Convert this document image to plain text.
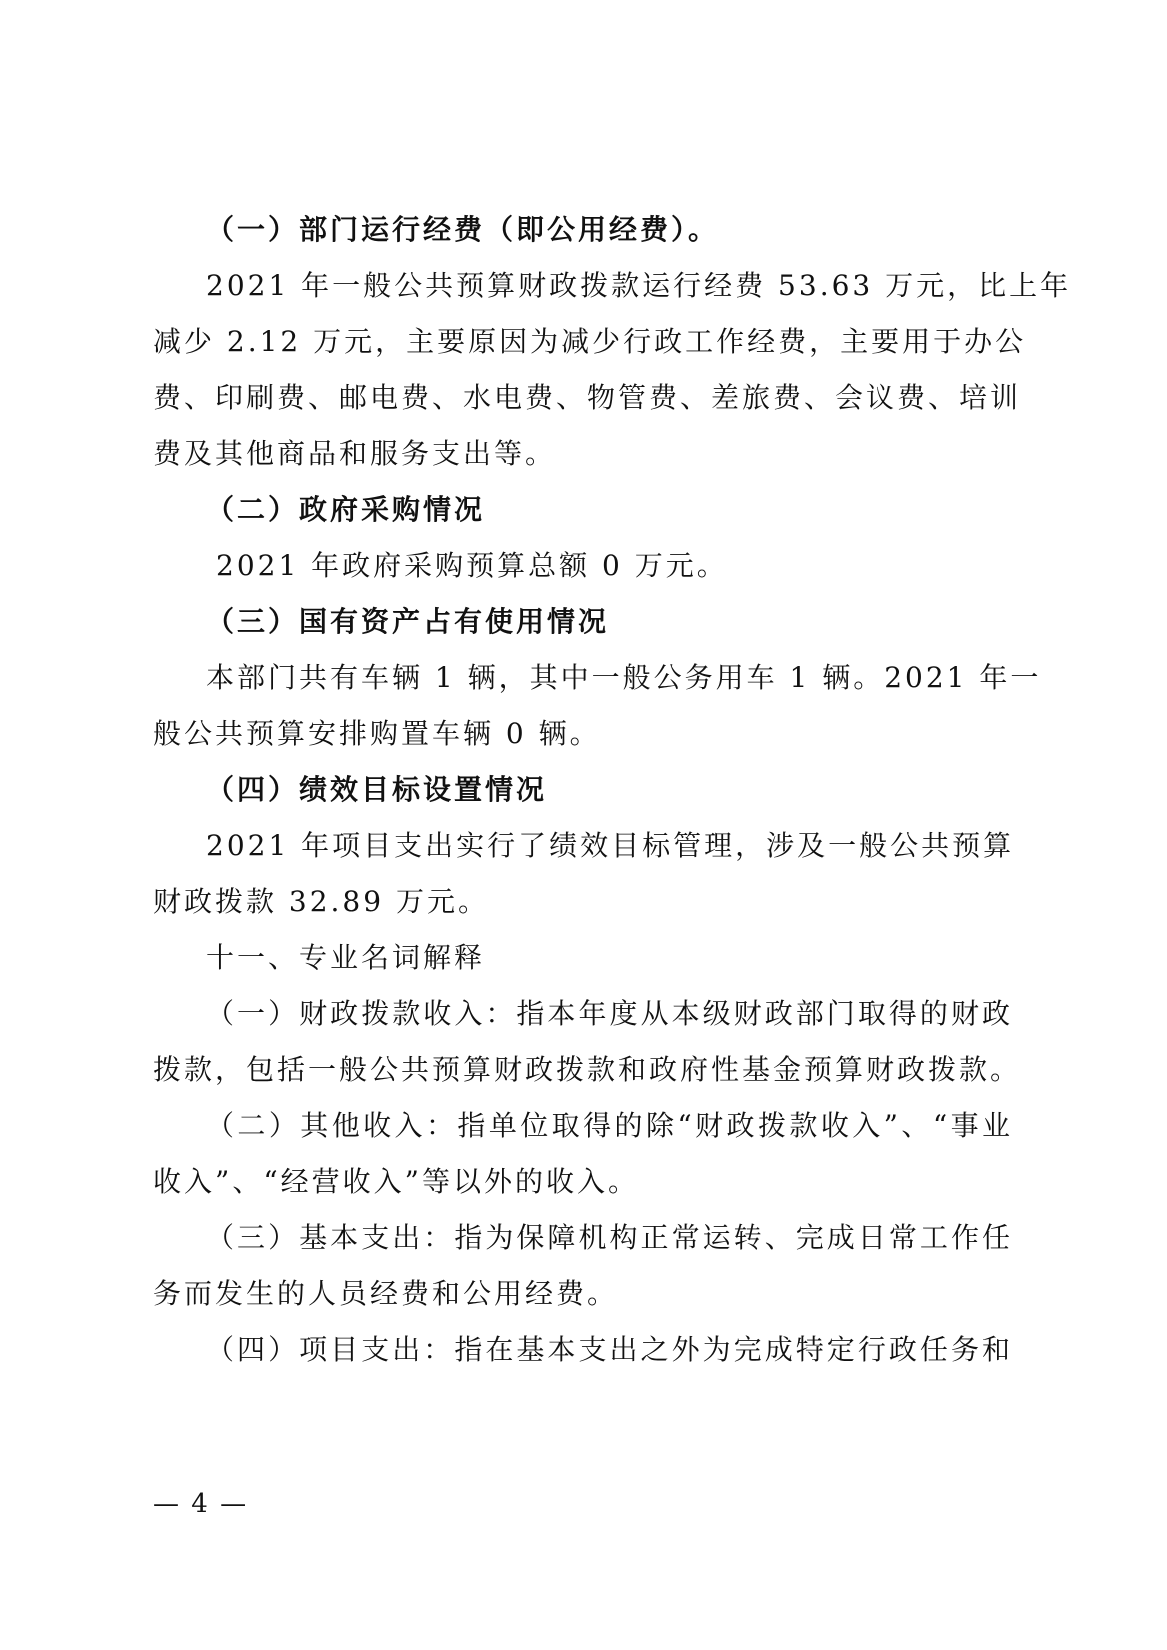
（一）部门运行经费（即公用经费）。
2021 年一般公共预算财政拨款运行经费 53.63 万元，比上年
减少 2.12 万元，主要原因为减少行政工作经费，主要用于办公
费、印刷费、邮电费、水电费、物管费、差旅费、会议费、培训
费及其他商品和服务支出等。
（二）政府采购情况
2021 年政府采购预算总额 0 万元。
（三）国有资产占有使用情况
本部门共有车辆 1 辆，其中一般公务用车 1 辆。2021 年一
般公共预算安排购置车辆 0 辆。
（四）绩效目标设置情况
2021 年项目支出实行了绩效目标管理，涉及一般公共预算
财政拨款 32.89 万元。
十一、专业名词解释
（一）财政拨款收入：指本年度从本级财政部门取得的财政
拨款，包括一般公共预算财政拨款和政府性基金预算财政拨款。
（二）其他收入：指单位取得的除“财政拨款收入”、“事业
收入”、“经营收入”等以外的收入。
（三）基本支出：指为保障机构正常运转、完成日常工作任
务而发生的人员经费和公用经费。
（四）项目支出：指在基本支出之外为完成特定行政任务和
— 4 —
